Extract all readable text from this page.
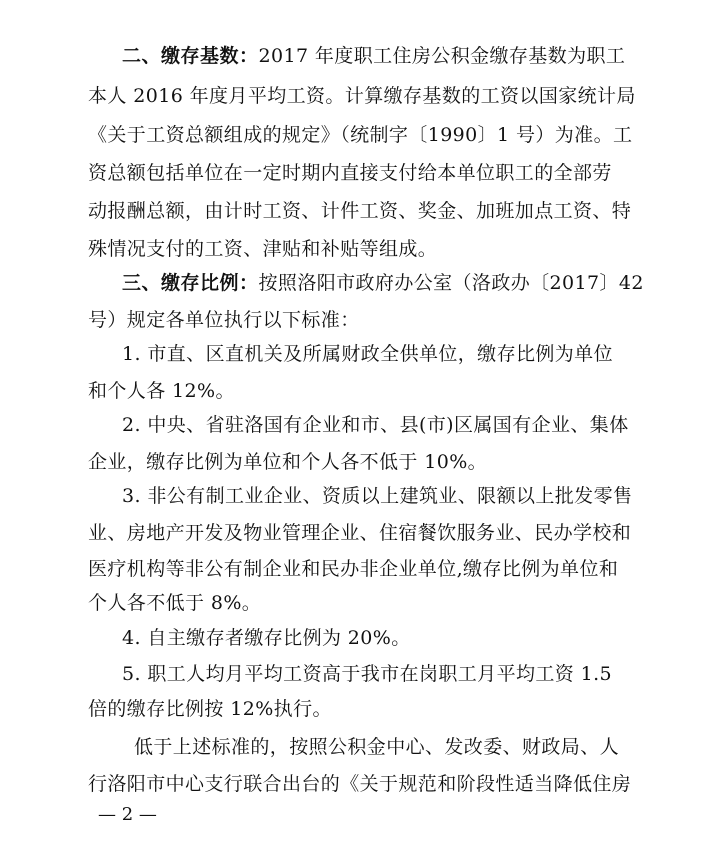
二、缴存基数：2017 年度职工住房公积金缴存基数为职工
本人 2016 年度月平均工资。计算缴存基数的工资以国家统计局
《关于工资总额组成的规定》（统制字〔1990〕1 号）为准。工
资总额包括单位在一定时期内直接支付给本单位职工的全部劳
动报酬总额，由计时工资、计件工资、奖金、加班加点工资、特
殊情况支付的工资、津贴和补贴等组成。
三、缴存比例：按照洛阳市政府办公室（洛政办〔2017〕42
号）规定各单位执行以下标准：
1. 市直、区直机关及所属财政全供单位，缴存比例为单位
和个人各 12%。
2. 中央、省驻洛国有企业和市、县(市)区属国有企业、集体
企业，缴存比例为单位和个人各不低于 10%。
3. 非公有制工业企业、资质以上建筑业、限额以上批发零售
业、房地产开发及物业管理企业、住宿餐饮服务业、民办学校和
医疗机构等非公有制企业和民办非企业单位,缴存比例为单位和
个人各不低于 8%。
4. 自主缴存者缴存比例为 20%。
5. 职工人均月平均工资高于我市在岗职工月平均工资 1.5
倍的缴存比例按 12%执行。
低于上述标准的，按照公积金中心、发改委、财政局、人
行洛阳市中心支行联合出台的《关于规范和阶段性适当降低住房
— 2 —
